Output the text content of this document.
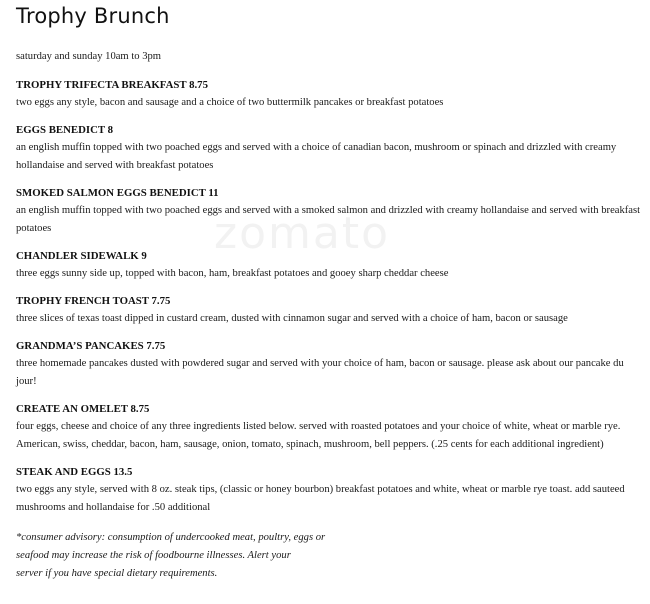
zomato
Trophy Brunch
saturday and sunday 10am to 3pm
TROPHY TRIFECTA BREAKFAST 8.75
two eggs any style, bacon and sausage and a choice of two buttermilk pancakes or breakfast potatoes
EGGS BENEDICT 8
an english muffin topped with two poached eggs and served with a choice of canadian bacon, mushroom or spinach and drizzled with creamy
hollandaise and served with breakfast potatoes
SMOKED SALMON EGGS BENEDICT 11
an english muffin topped with two poached eggs and served with a smoked salmon and drizzled with creamy hollandaise and served with breakfast
potatoes
CHANDLER SIDEWALK 9
three eggs sunny side up, topped with bacon, ham, breakfast potatoes and gooey sharp cheddar cheese
TROPHY FRENCH TOAST 7.75
three slices of texas toast dipped in custard cream, dusted with cinnamon sugar and served with a choice of ham, bacon or sausage
GRANDMA’S PANCAKES 7.75
three homemade pancakes dusted with powdered sugar and served with your choice of ham, bacon or sausage. please ask about our pancake du
jour!
CREATE AN OMELET 8.75
four eggs, cheese and choice of any three ingredients listed below. served with roasted potatoes and your choice of white, wheat or marble rye.
American, swiss, cheddar, bacon, ham, sausage, onion, tomato, spinach, mushroom, bell peppers. (.25 cents for each additional ingredient)
STEAK AND EGGS 13.5
two eggs any style, served with 8 oz. steak tips, (classic or honey bourbon) breakfast potatoes and white, wheat or marble rye toast. add sauteed
mushrooms and hollandaise for .50 additional
*consumer advisory: consumption of undercooked meat, poultry, eggs or
seafood may increase the risk of foodbourne illnesses. Alert your
server if you have special dietary requirements.
